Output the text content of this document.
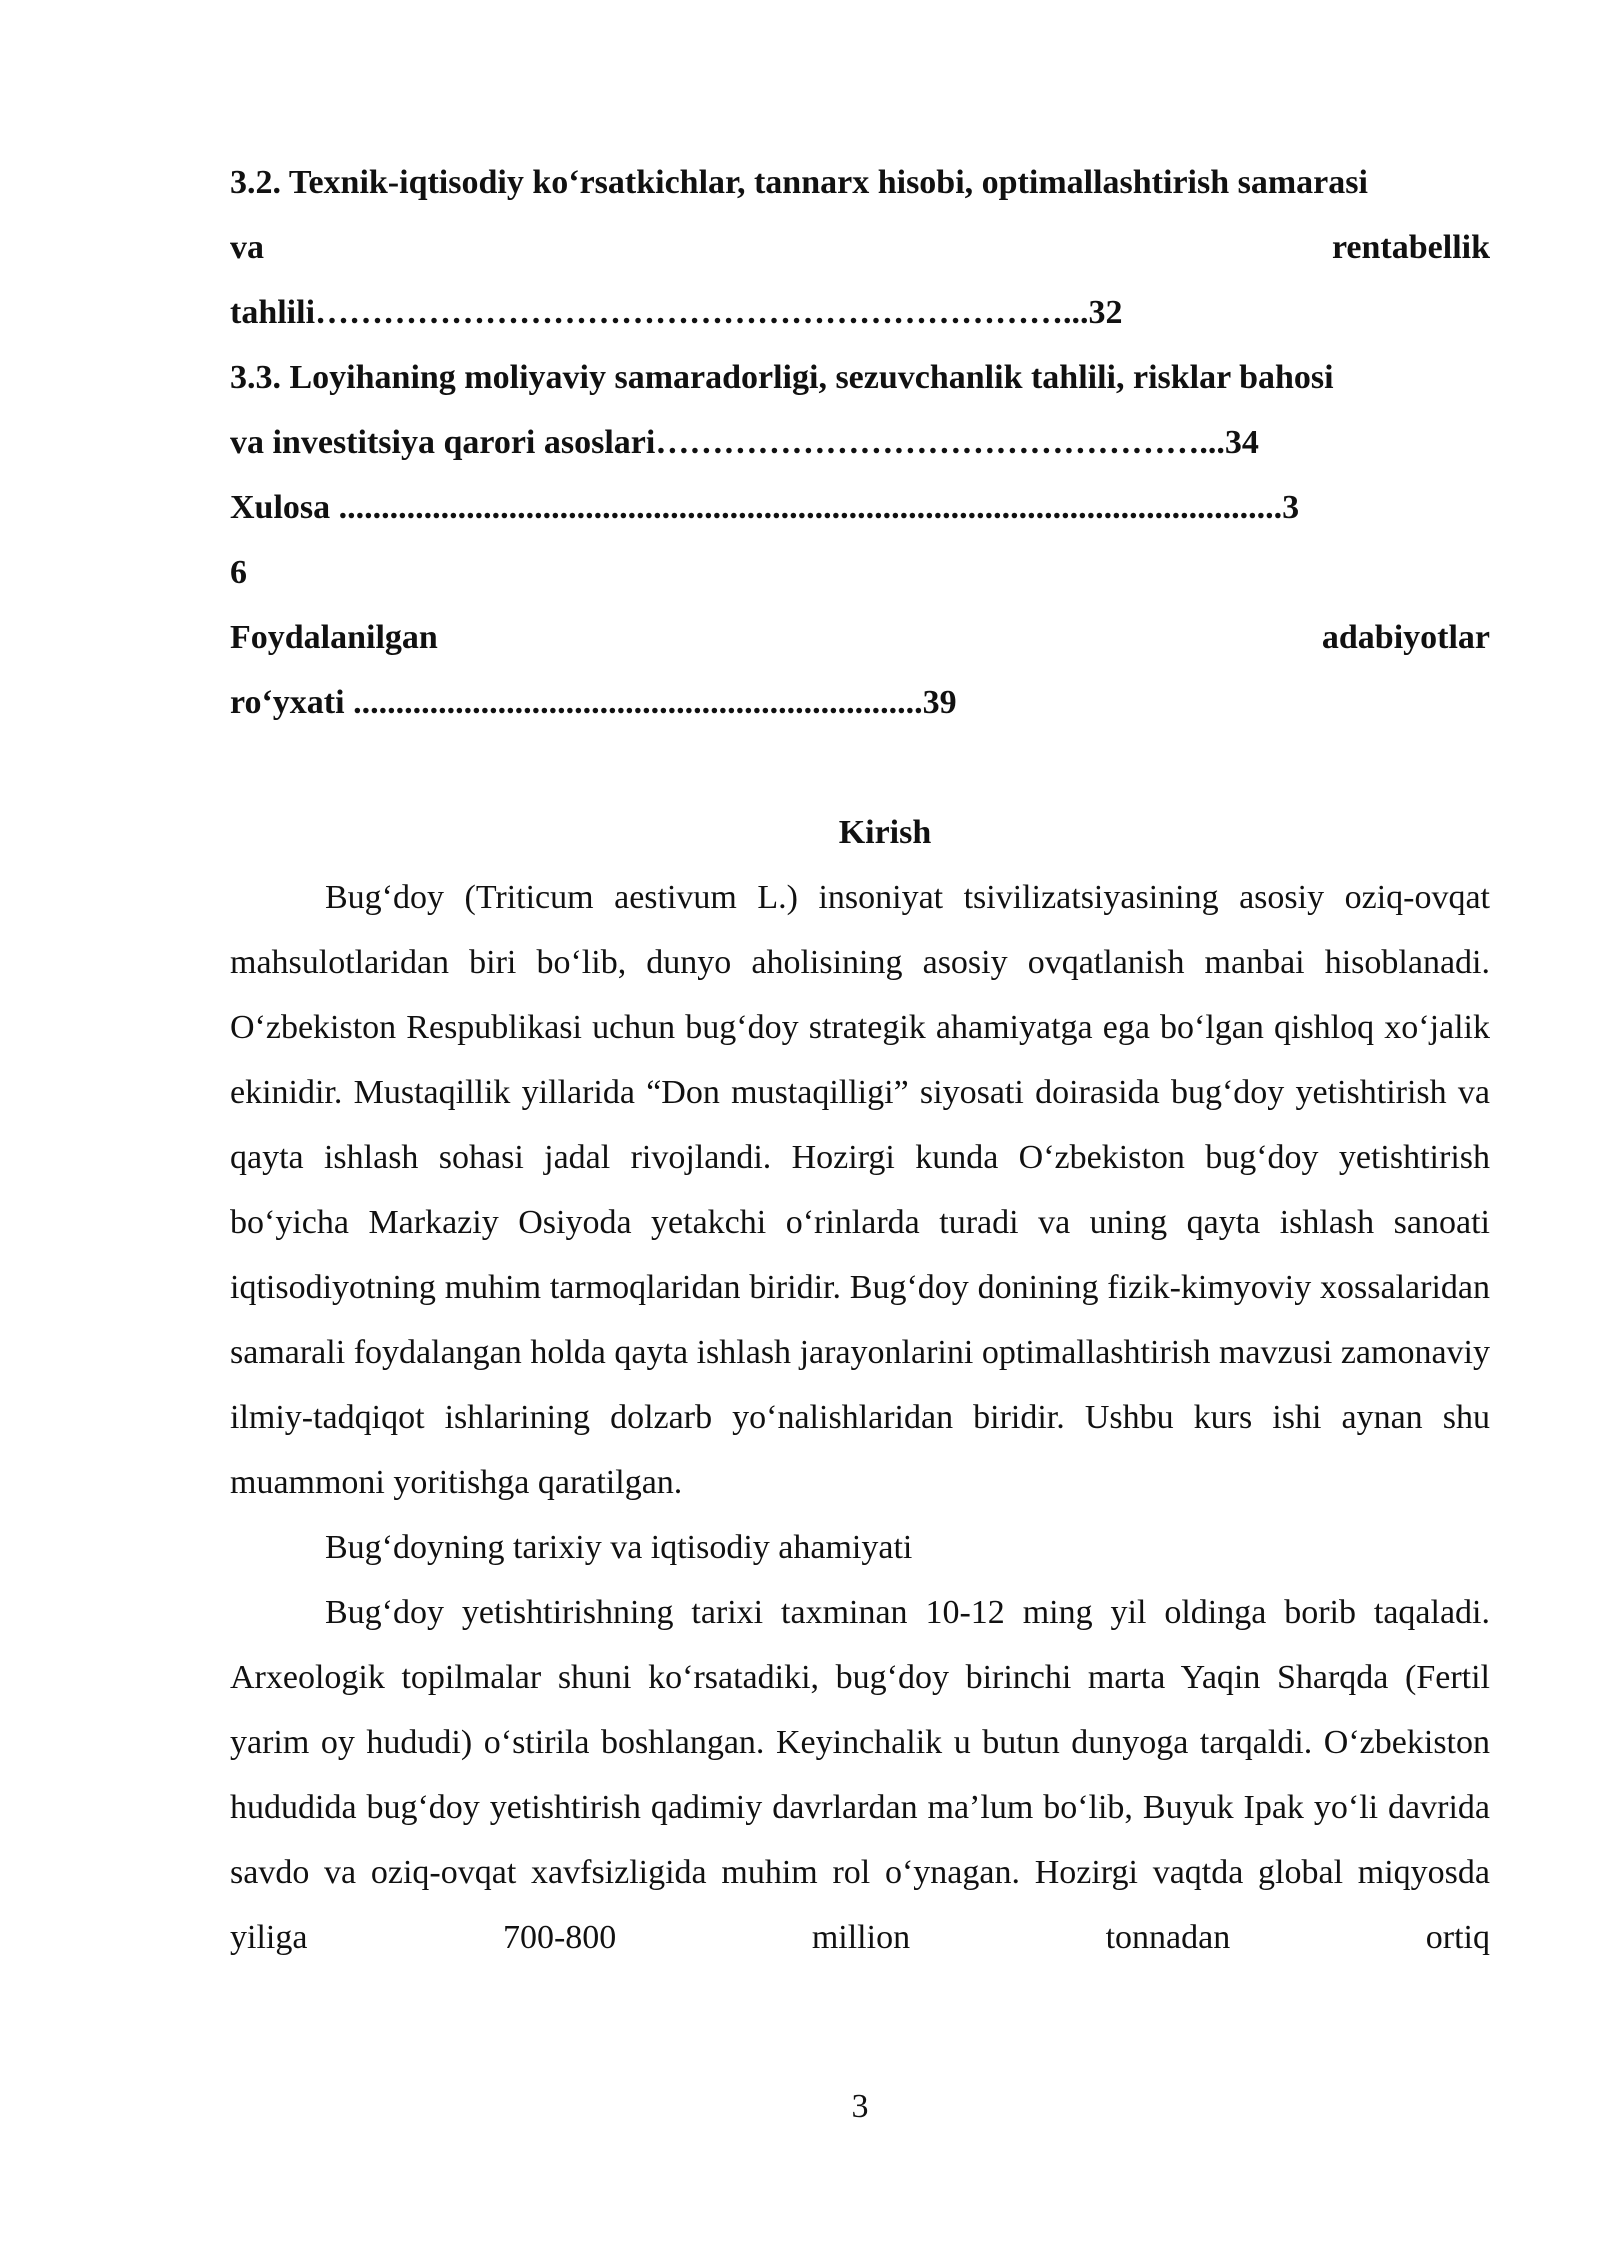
3.2. Texnik-iqtisodiy ko‘rsatkichlar, tannarx hisobi, optimallashtirish samarasi
va	rentabellik
tahlili…………………………………………………………...32
3.3. Loyihaning moliyaviy samaradorligi, sezuvchanlik tahlili, risklar bahosi
va investitsiya qarori asoslari…………………………………………...34
Xulosa ...............................................................................................................3
6
Foydalanilgan	adabiyotlar
ro‘yxati ...................................................................39
Kirish

Bug‘doy (Triticum aestivum L.) insoniyat tsivilizatsiyasining asosiy oziq-ovqat mahsulotlaridan biri bo‘lib, dunyo aholisining asosiy ovqatlanish manbai hisoblanadi. O‘zbekiston Respublikasi uchun bug‘doy strategik ahamiyatga ega bo‘lgan qishloq xo‘jalik ekinidir. Mustaqillik yillarida “Don mustaqilligi” siyosati doirasida bug‘doy yetishtirish va qayta ishlash sohasi jadal rivojlandi. Hozirgi kunda O‘zbekiston bug‘doy yetishtirish bo‘yicha Markaziy Osiyoda yetakchi o‘rinlarda turadi va uning qayta ishlash sanoati iqtisodiyotning muhim tarmoqlaridan biridir. Bug‘doy donining fizik-kimyoviy xossalaridan samarali foydalangan holda qayta ishlash jarayonlarini optimallashtirish mavzusi zamonaviy ilmiy-tadqiqot ishlarining dolzarb yo‘nalishlaridan biridir. Ushbu kurs ishi aynan shu muammoni yoritishga qaratilgan.

Bug‘doyning tarixiy va iqtisodiy ahamiyati

Bug‘doy yetishtirishning tarixi taxminan 10-12 ming yil oldinga borib taqaladi. Arxeologik topilmalar shuni ko‘rsatadiki, bug‘doy birinchi marta Yaqin Sharqda (Fertil yarim oy hududi) o‘stirila boshlangan. Keyinchalik u butun dunyoga tarqaldi. O‘zbekiston hududida bug‘doy yetishtirish qadimiy davrlardan ma’lum bo‘lib, Buyuk Ipak yo‘li davrida savdo va oziq-ovqat xavfsizligida muhim rol o‘ynagan. Hozirgi vaqtda global miqyosda yiliga 700-800 million tonnadan ortiq

3
